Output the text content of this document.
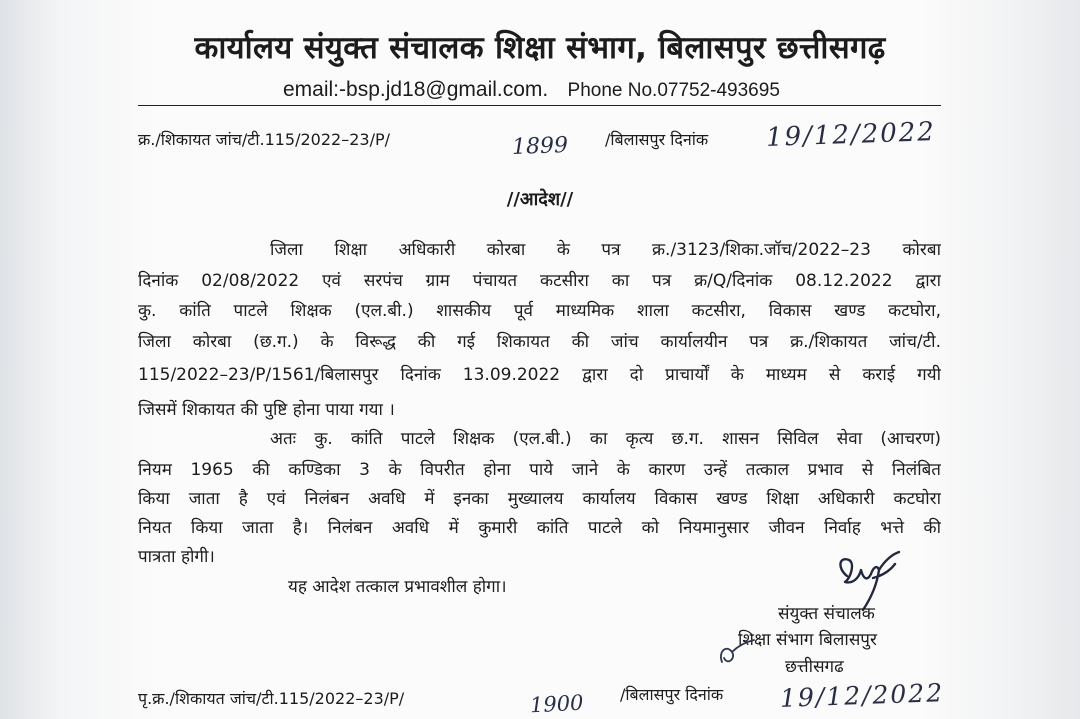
कार्यालय संयुक्त संचालक शिक्षा संभाग, बिलासपुर छत्तीसगढ़
email:-bsp.jd18@gmail.com. Phone No.07752-493695
क्र./शिकायत जांच/टी.115/2022–23/P/	1899 /बिलासपुर दिनांक 19/12/2022
//आदेश//
जिला शिक्षा अधिकारी कोरबा के पत्र क्र./3123/शिका.जॉच/2022–23 कोरबा
दिनांक 02/08/2022 एवं सरपंच ग्राम पंचायत कटसीरा का पत्र क्र/Q/दिनांक 08.12.2022 द्वारा
कु. कांति पाटले शिक्षक (एल.बी.) शासकीय पूर्व माध्यमिक शाला कटसीरा, विकास खण्ड कटघोरा,
जिला कोरबा (छ.ग.) के विरूद्ध की गई शिकायत की जांच कार्यालयीन पत्र क्र./शिकायत जांच/टी.
115/2022–23/P/1561/बिलासपुर दिनांक 13.09.2022 द्वारा दो प्राचार्यों के माध्यम से कराई गयी
जिसमें शिकायत की पुष्टि होना पाया गया ।
अतः कु. कांति पाटले शिक्षक (एल.बी.) का कृत्य छ.ग. शासन सिविल सेवा (आचरण)
नियम 1965 की कण्डिका 3 के विपरीत होना पाये जाने के कारण उन्हें तत्काल प्रभाव से निलंबित
किया जाता है एवं निलंबन अवधि में इनका मुख्यालय कार्यालय विकास खण्ड शिक्षा अधिकारी कटघोरा
नियत किया जाता है। निलंबन अवधि में कुमारी कांति पाटले को नियमानुसार जीवन निर्वाह भत्ते की
पात्रता होगी।
यह आदेश तत्काल प्रभावशील होगा।
संयुक्त संचालक
शिक्षा संभाग बिलासपुर
छत्तीसगढ
पृ.क्र./शिकायत जांच/टी.115/2022–23/P/	1900 /बिलासपुर दिनांक 19/12/2022
